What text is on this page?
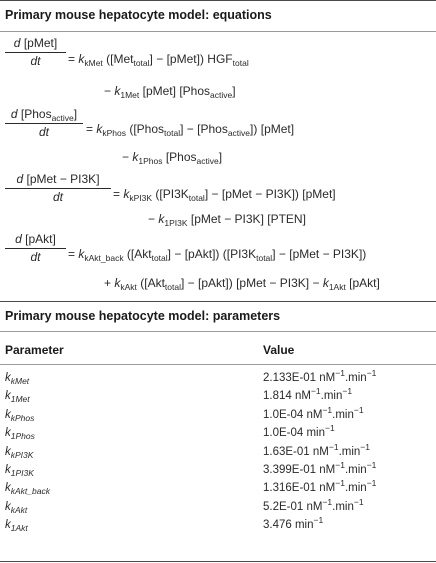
Primary mouse hepatocyte model: equations
d [pMet]
dt	= $k_{kMet}$ ([Met$_{total}$] − [pMet]) $HGF_{total}$
− $k_{1Met}$ [pMet] [Phos$_{active}$]
d [Phos$_{active}$]
dt	= $k_{kPhos}$ ([Phos$_{total}$] − [Phos$_{active}$]) [pMet]
− $k_{1Phos}$ [Phos$_{active}$]
d [pMet − PI3K]
dt	= $k_{kPI3K}$ ($[PI3K_{total}]$ − [pMet − PI3K]) [pMet]
− $k_{1PI3K}$ [pMet − PI3K] [PTEN]
d [pAkt]
dt	= $k_{kAkt\_back}$ ([Akt$_{total}$] − [pAkt]) ($[PI3K_{total}]$ − [pMet − PI3K])
+ $k_{kAkt}$ ([Akt$_{total}$] − [pAkt]) [pMet − $PI3K] - k_{1Akt}$ [pAkt]
Primary mouse hepatocyte model: parameters
Parameter	Value
$k_{kMet}$	2.133E-01 $nM^{-1}.\min^{-1}$
$k_{1Met}$	1.814 $nM^{-1}.\min^{-1}$
$k_{kPhos}$	1.0E-04 $nM^{-1}.\min^{-1}$
$k_{1Phos}$	1.0E-04 $\min^{-1}$
$k_{kPI3K}$	1.63E-01 $nM^{-1}.\min^{-1}$
$k_{1PI3K}$	3.399E-01 $nM^{-1}.\min^{-1}$
$k_{kAkt\_back}$	1.316E-01 $nM^{-1}.\min^{-1}$
$k_{kAkt}$	5.2E-01 $nM^{-1}.\min^{-1}$
$k_{1Akt}$	3.476 $\min^{-1}$
